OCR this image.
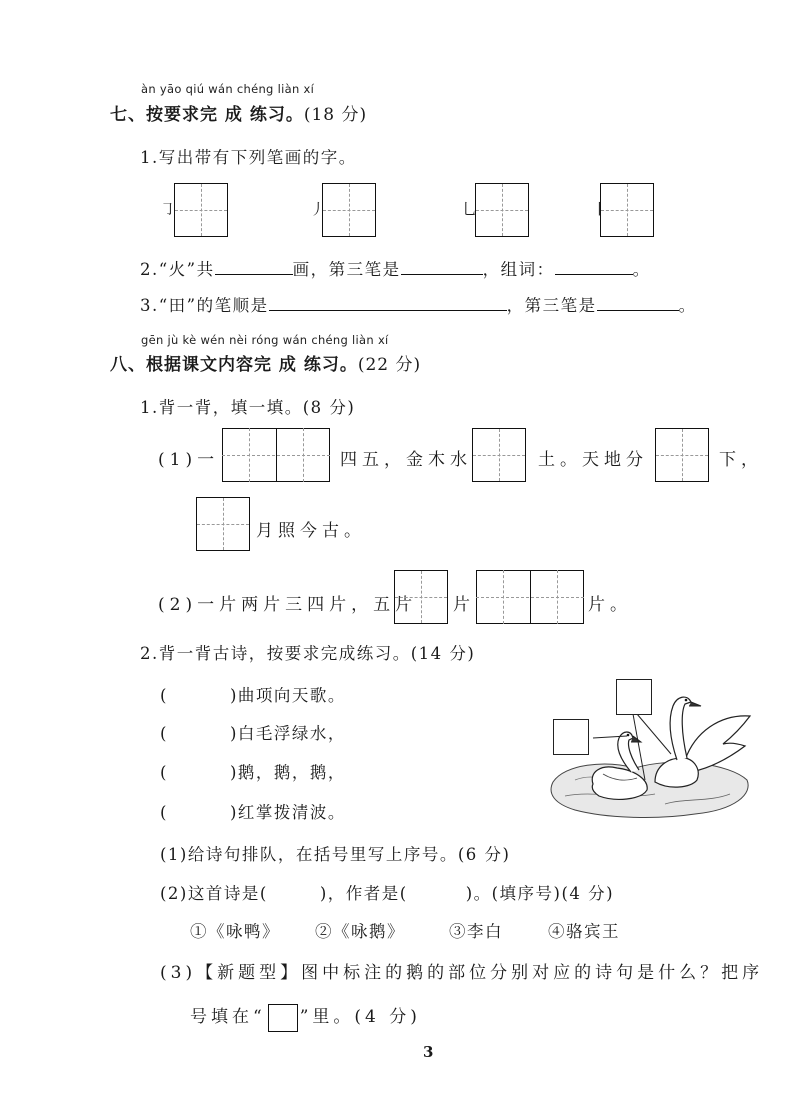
àn yāo qiú wán chéng liàn xí
七、按要求完 成 练习。(18 分)
1.写出带有下列笔画的字。
㇆	丿	乚	丨
2.“火”共	画，第三笔是	，组词：	。
3.“田”的笔顺是	，第三笔是	。
gēn jù kè wén nèi róng wán chéng liàn xí
八、根据课文内容完 成 练习。(22 分)
1.背一背，填一填。(8 分)
(1)一	四五，金木水	土。天地分	下，
月照今古。
(2)一片两片三四片，五片 片	片。
2.背一背古诗，按要求完成练习。(14 分)
(	)曲项向天歌。
(	)白毛浮绿水，
(	)鹅，鹅，鹅，
(	)红掌拨清波。
(1)给诗句排队，在括号里写上序号。(6 分)
(2)这首诗是(	)，作者是(	)。(填序号)(4 分)
①《咏鸭》 ②《咏鹅》	③李白	④骆宾王
(3)【新题型】图中标注的鹅的部位分别对应的诗句是什么？把序
号填在“ ”里。(4 分)
3
